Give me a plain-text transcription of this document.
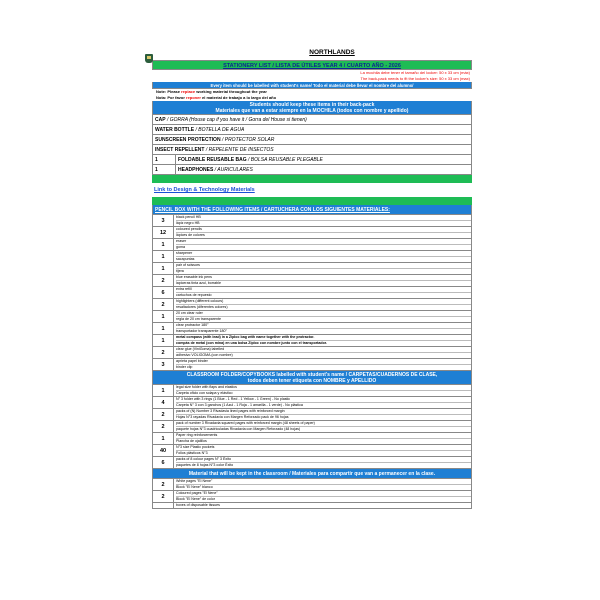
NORTHLANDS
STATIONERY LIST / LISTA DE ÚTILES YEAR 4 / CUARTO AÑO - 2026
La mochila debe tener el tamaño del locker: 50 x 33 cm (máx)
The back-pack needs to fit the locker's size: 50 x 33 cm (max)
Every item should be labelled with student's name/ Todo el material debe llevar el nombre del alumno/
Note: Please replace working material throughout the year
Nota: Por favor reponer el material de trabajo a lo largo del año
Students should keep these items in their back-pack
Materiales que van a estar siempre en la MOCHILA (todos con nombre y apellido)
CAP / GORRA (House cap if you have it / Gorra del House si tienen)
WATER BOTTLE / BOTELLA DE AGUA
SUNSCREEN PROTECTION / PROTECTOR SOLAR
INSECT REPELLENT / REPELENTE DE INSECTOS
1	FOLDABLE REUSABLE BAG / BOLSA REUSABLE PLEGABLE
1	HEADPHONES / AURICULARES
Link to Design & Technology Materials
PENCIL BOX WITH THE FOLLOWING ITEMS / CARTUCHERA CON LOS SIGUIENTES MATERIALES:
3
black pencil HB
lápiz negro HB
12
coloured pencils
lápices de colores
1
eraser
goma
1
sharpener
sacapuntas
1
pair of scissors
tijera
2
blue erasable ink pens
lapiceras tinta azul, borrable
6
extra refill
cartuchos de repuesto
2
highlighters (different colours)
resaltadores (diferentes colores)
1
20 cm clear ruler
regla de 20 cm transparente
1
clear protractor 180°
transportador transparente 180°
1
metal compass (with lead) in a Ziploc bag with name together with the protractor.
compás de metal (con mina) en una bolsa Ziploc con nombre junto con el transportador.
2
clear glue (ViniGoma) labelled
adhesivo VOLIGOMA (con nombre)
3
aprieta papel binder
binder clip
CLASSROOM FOLDER/COPYBOOKS labelled with student's name / CARPETAS/CUADERNOS DE CLASE,
todos deben tener etiqueta con NOMBRE y APELLIDO
1
legal size folder with flaps and elastics
Carpeta oficio con solapa y elástico
4
N° 3 folder with 3 rings (1 Blue - 1 Red - 1 Yellow - 1 Green) - No plastic
Carpeta N° 3 con 3 ganchos (1 Azul - 1 Roja - 1 amarilla - 1 verde) - No plástica
2
packs of (N) Number 3 Rivadavia lined pages with reinforced margin
Hojas N°3 rayadas Rivadavia con Margen Reforzado pack de 96 hojas
2
pack of number 3 Rivadavia squared pages with reinforced margin (48 sheets of paper)
paquete hojas N°3 cuadriculadas Rivadavia con Margen Reforzado (48 hojas)
1
Paper ring reinforcements
Plancha de ojalillos
40
N°3 size Plastic pockets
Folios plásticos N°3
6
packs of 8 colour pages N° 3 Éxito
paquetes de 8 hojas N°3 color Éxito
Material that will be kept in the classroom / Materiales para compartir que van a permanecer en la clase.
2
White pages "El Nene"
Block "El Nene" blanco
2
Coloured pages "El Nene"
Block "El Nene" de color
boxes of disposable tissues
